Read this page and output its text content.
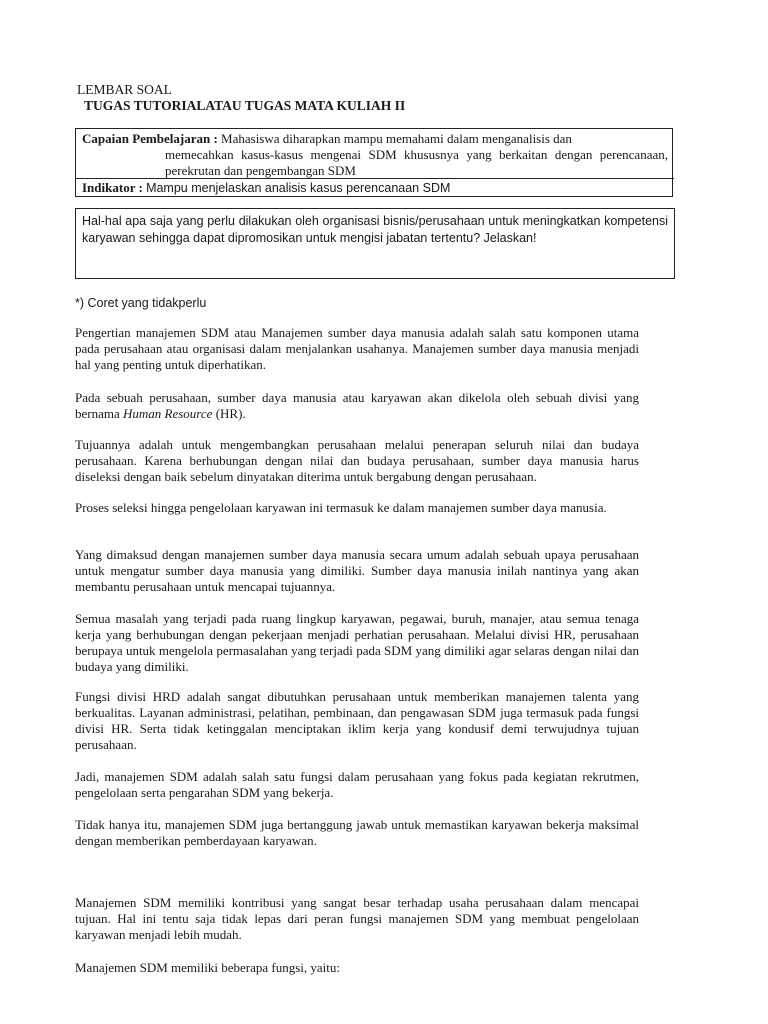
LEMBAR SOAL
TUGAS TUTORIALATAU TUGAS MATA KULIAH II
Capaian Pembelajaran : Mahasiswa diharapkan mampu memahami dalam menganalisis dan
memecahkan kasus-kasus mengenai SDM khususnya yang berkaitan dengan perencanaan, perekrutan dan pengembangan SDM
Indikator : Mampu menjelaskan analisis kasus perencanaan SDM
Hal-hal apa saja yang perlu dilakukan oleh organisasi bisnis/perusahaan untuk meningkatkan kompetensi karyawan sehingga dapat dipromosikan untuk mengisi jabatan tertentu? Jelaskan!
*) Coret yang tidakperlu

Pengertian manajemen SDM atau Manajemen sumber daya manusia adalah salah satu komponen utama pada perusahaan atau organisasi dalam menjalankan usahanya. Manajemen sumber daya manusia menjadi hal yang penting untuk diperhatikan.

Pada sebuah perusahaan, sumber daya manusia atau karyawan akan dikelola oleh sebuah divisi yang bernama Human Resource (HR).

Tujuannya adalah untuk mengembangkan perusahaan melalui penerapan seluruh nilai dan budaya perusahaan. Karena berhubungan dengan nilai dan budaya perusahaan, sumber daya manusia harus diseleksi dengan baik sebelum dinyatakan diterima untuk bergabung dengan perusahaan.

Proses seleksi hingga pengelolaan karyawan ini termasuk ke dalam manajemen sumber daya manusia.

Yang dimaksud dengan manajemen sumber daya manusia secara umum adalah sebuah upaya perusahaan untuk mengatur sumber daya manusia yang dimiliki. Sumber daya manusia inilah nantinya yang akan membantu perusahaan untuk mencapai tujuannya.

Semua masalah yang terjadi pada ruang lingkup karyawan, pegawai, buruh, manajer, atau semua tenaga kerja yang berhubungan dengan pekerjaan menjadi perhatian perusahaan. Melalui divisi HR, perusahaan berupaya untuk mengelola permasalahan yang terjadi pada SDM yang dimiliki agar selaras dengan nilai dan budaya yang dimiliki.

Fungsi divisi HRD adalah sangat dibutuhkan perusahaan untuk memberikan manajemen talenta yang berkualitas. Layanan administrasi, pelatihan, pembinaan, dan pengawasan SDM juga termasuk pada fungsi divisi HR. Serta tidak ketinggalan menciptakan iklim kerja yang kondusif demi terwujudnya tujuan perusahaan.

Jadi, manajemen SDM adalah salah satu fungsi dalam perusahaan yang fokus pada kegiatan rekrutmen, pengelolaan serta pengarahan SDM yang bekerja.

Tidak hanya itu, manajemen SDM juga bertanggung jawab untuk memastikan karyawan bekerja maksimal dengan memberikan pemberdayaan karyawan.

Manajemen SDM memiliki kontribusi yang sangat besar terhadap usaha perusahaan dalam mencapai tujuan. Hal ini tentu saja tidak lepas dari peran fungsi manajemen SDM yang membuat pengelolaan karyawan menjadi lebih mudah.

Manajemen SDM memiliki beberapa fungsi, yaitu:
